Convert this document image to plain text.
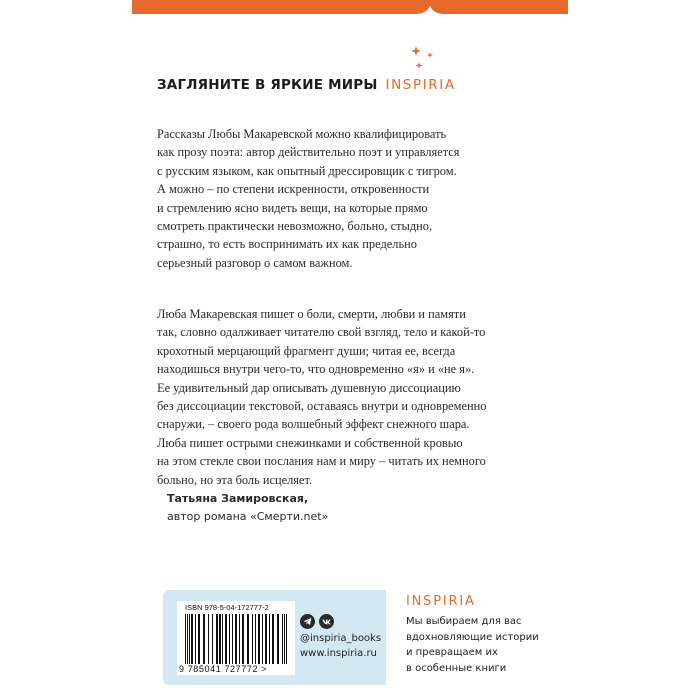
ЗАГЛЯНИТЕ В ЯРКИЕ МИРЫ INSPIRIA
Рассказы Любы Макаревской можно квалифицировать
как прозу поэта: автор действительно поэт и управляется
с русским языком, как опытный дрессировщик с тигром.
А можно – по степени искренности, откровенности
и стремлению ясно видеть вещи, на которые прямо
смотреть практически невозможно, больно, стыдно,
страшно, то есть воспринимать их как предельно
серьезный разговор о самом важном.
Люба Макаревская пишет о боли, смерти, любви и памяти
так, словно одалживает читателю свой взгляд, тело и какой-то
крохотный мерцающий фрагмент души; читая ее, всегда
находишься внутри чего-то, что одновременно «я» и «не я».
Ее удивительный дар описывать душевную диссоциацию
без диссоциации текстовой, оставаясь внутри и одновременно
снаружи, – своего рода волшебный эффект снежного шара.
Люба пишет острыми снежинками и собственной кровью
на этом стекле свои послания нам и миру – читать их немного
больно, но эта боль исцеляет.
Татьяна Замировская,
автор романа «Смерти.net»
ISBN 978-5-04-172777-2
9 785041 727772 >
@inspiria_books
www.inspiria.ru
INSPIRIA
Мы выбираем для вас
вдохновляющие истории
и превращаем их
в особенные книги
